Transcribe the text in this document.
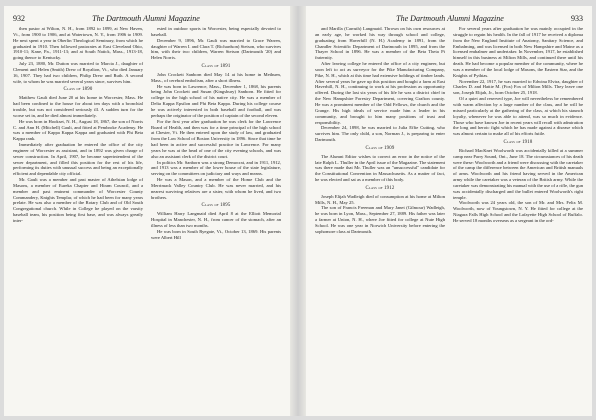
932	The Dartmouth Alumni Magazine

then pastor at Wilton, N. H., from 1892 to 1899, at New Haven, Vt., from 1900 to 1906, and at Watertown, N. Y., from 1906 to 1909. He next spent a year in Oberlin Theological Seminary, from which he graduated in 1910. Then followed pastorates at East Cleveland Ohio, 1910-11; Kane, Pa., 1911-13; and at South Natick, Mass., 1913-18, going thence to Kentucky.

July 23, 1880, Mr. Dutton was married to Marcia J., daughter of Clement and Helen (Smith) Drew of Royalton, Vt., who died January 16, 1907. They had two children, Philip Drew and Ruth. A second wife, to whom he was married several years since, survives him.

Class of 1890

Matthew Gault died June 20 at his home in Worcester, Mass. He had been confined to the house for about ten days with a bronchial trouble, but was not considered seriously ill. A sudden turn for the worse set in, and he died almost immediately.

He was born in Hookset, N. H., August 18, 1867, the son of Norris C. and Ann H. (Mitchell) Gault, and fitted at Pembroke Academy. He was a member of Kappa Kappa Kappa and graduated with Phi Beta Kappa rank.

Immediately after graduation he entered the office of the city engineer of Worcester as assistant, and in 1892 was given charge of sewer construction. In April, 1907, he became superintendent of the sewer department, and filled this position for the rest of his life, performing its duties with unusual success and being an exceptionally efficient and dependable city official.

Mr. Gault was a member and past master of Athelstan lodge of Masons, a member of Eureka Chapter and Hiram Council, and a member and past eminent commander of Worcester County Commandery, Knights Templar, of which he had been for many years prelate. He was also a member of the Rotary Club and of Old South Congregational church. While in College he played on the varsity baseball team, his position being first base, and was always greatly inter-

ested in outdoor sports in Worcester, being especially devoted to baseball.

December 9, 1896, Mr. Gault was married to Grace Warren, daughter of Warren I. and Clara T. (Richardson) Stetson, who survives him, with their two children, Warren Stetson (Dartmouth '20) and Helen Norris.

Class of 1891

John Crockett Sanborn died May 14 at his home in Methuen, Mass., of cerebral embolism, after a short illness.

He was born in Lawrence, Mass., December 1, 1868, his parents being John Crockett and Susan (Kingsbury) Sanborn. He fitted for college in the high school of his native city. He was a member of Delta Kappa Epsilon and Phi Beta Kappa. During his college course he was actively interested in both baseball and football, and was perhaps the originator of the position of captain of the second eleven.

For the first year after graduation he was clerk for the Lawrence Board of Health, and then was for a time principal of the high school at Chester, Vt. He then entered upon the study of law, and graduated from the Law School of Boston University in 1896. Since that time he had been in active and successful practice in Lawrence. For many years he was at the head of one of the city evening schools, and was also an assistant clerk of the district court.

In politics Mr. Sanborn was a strong Democrat, and in 1911, 1912, and 1913 was a member of the lower house of the state legislature, serving on the committees on judiciary and ways and means.

He was a Mason, and a member of the Home Club and the Merrimack Valley Country Club. He was never married, and his nearest surviving relatives are a sister, with whom he lived, and two brothers.

Class of 1895

William Harry Langmaid died April 8 at the Elliott Memorial Hospital in Manchester, N. H., from cancer of the stomach, after an illness of less than two months.

He was born in South Ryegate, Vt., October 13, 1869. His parents were Albert Hill

The Dartmouth Alumni Magazine	933

and Marilla (Carruth) Langmaid. Thrown on his own resources at an early age, he worked his way through school and college, graduating from Haverhill (N. H.) Academy in 1891, from the Chandler Scientific Department of Dartmouth in 1895, and from the Thayer School in 1896. He was a member of the Beta Theta Pi fraternity.

After leaving college he entered the office of a city engineer, but soon left to act as surveyor for the Pike Manufacturing Company, Pike, N. H., which at this time had extensive holdings of timber lands. After several years he gave up this position and bought a farm at East Haverhill, N. H., continuing to work at his profession as opportunity offered. During the last six years of his life he was a district chief in the New Hampshire Forestry Department, covering Grafton county. He was a prominent member of the Odd Fellows, the church and the Grange. His high ideals of service made him a leader in his community, and brought to him many positions of trust and responsibility.

December 24, 1898, he was married to Julia Effie Cutting, who survives him. The only child, a son, Norman J., is preparing to enter Dartmouth.

Class of 1909

The Alumni Editor wishes to correct an error in the notice of the late Ralph L. Thuller in the April issue of the Magazine. The statement was there made that Mr. Thuller was an "unsuccessful" candidate for the Constitutional Convention in Massachusetts. As a matter of fact, he was elected and sat as a member of this body.

Class of 1912

Joseph Elijah Wadleigh died of consumption at his home at Milton Mills, N. H., May 25.

The son of Francis Freeman and Mary Janet (Gilmour) Wadleigh, he was born in Lyon, Mass., September 27, 1889. His father was later a farmer at Union, N. H., where Joe fitted for college at Nute High School. He was one year in Norwich University before entering the sophomore class at Dartmouth.

For several years after graduation he was mainly occupied in the struggle to regain his health. In the fall of 1917 he received a diploma from the New England Institute of Anatomy, Sanitary Science, and Embalming, and was licensed in both New Hampshire and Maine as a licensed embalmer and undertaker. In November, 1917, he established himself in this business at Milton Mills, and continued there until his death. He had become a popular member of the community, where he was a member of the local lodge of Masons, the Eastern Star, and the Knights of Pythias.

November 22, 1917, he was married to Edwina Elvira, daughter of Charles D. and Hattie M. (Fox) Fox of Milton Mills. They leave one son, Joseph Elijah, Jr., born October 25, 1918.

Of a quiet and reserved type, Joe will nevertheless be remembered with warm affection by a large number of the class, and he will be missed particularly at the gathering of the class, at which his staunch loyalty, whenever he was able to attend, was so much in evidence. Those who have known Joe in recent years will recall with admiration the long and heroic fight which he has made against a disease which was almost certain to make all of his efforts futile.

Class of 1918

Richard MacKnet Woolworth was accidentally killed at a summer camp near Parry Sound, Ont., June 18. The circumstances of his death were these: Woolworth and a friend were discussing with the caretaker of the camp the difference between the American and British manuals of arms. Woolworth and his friend having served in the American army while the caretaker was a veteran of the British army. While the caretaker was demonstrating his manual with the use of a rifle, the gun was accidentally discharged and the bullet entered Woolworth's right temple.

Woolworth was 24 years old, the son of Mr. and Mrs. Felix M. Woolworth, now of Youngstown, N. Y. He fitted for college at the Niagara Falls High School and the Lafayette High School of Buffalo. He served 18 months overseas as a sergeant in the ord-
